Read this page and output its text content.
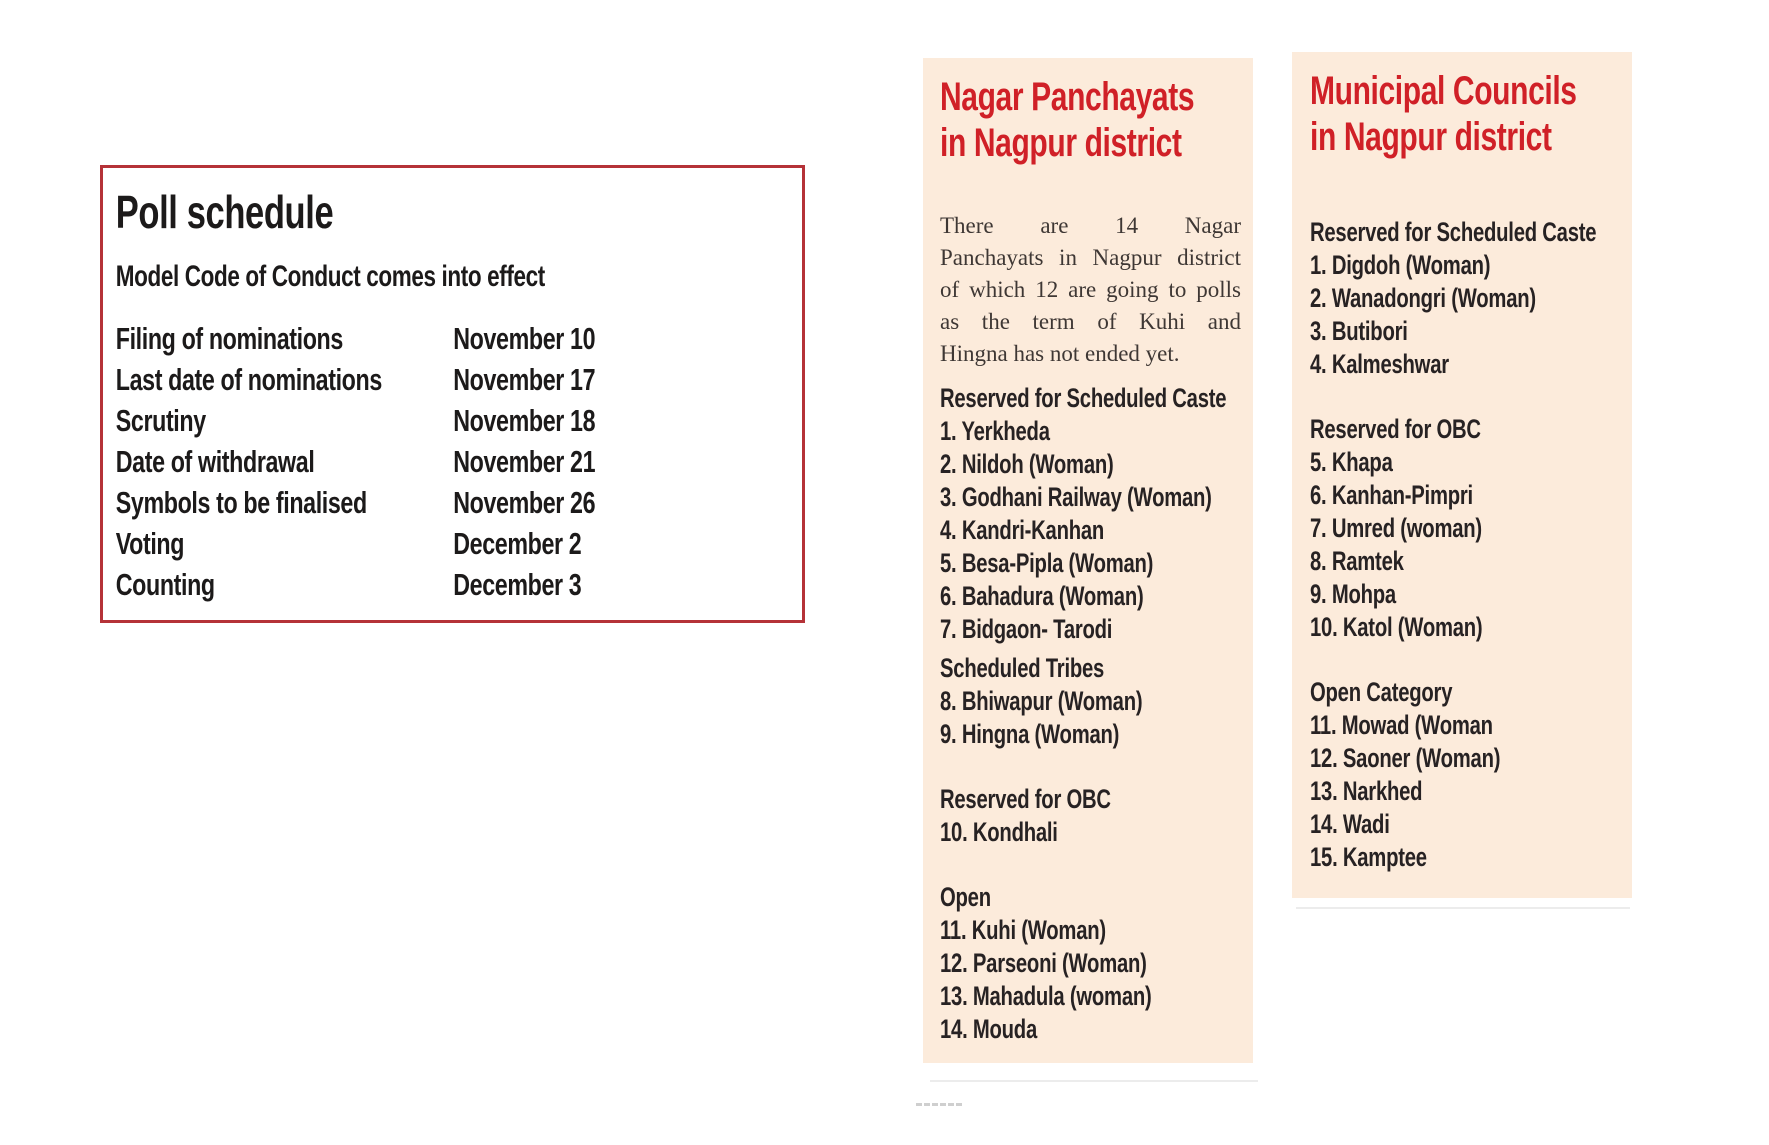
Poll schedule
Model Code of Conduct comes into effect
Filing of nominations	November 10
Last date of nominations	November 17
Scrutiny	November 18
Date of withdrawal	November 21
Symbols to be finalised	November 26
Voting	December 2
Counting	December 3
Nagar Panchayats
in Nagpur district
There are 14 Nagar
Panchayats in Nagpur district
of which 12 are going to polls
as the term of Kuhi and
Hingna has not ended yet.
Reserved for Scheduled Caste
1. Yerkheda
2. Nildoh (Woman)
3. Godhani Railway (Woman)
4. Kandri-Kanhan
5. Besa-Pipla (Woman)
6. Bahadura (Woman)
7. Bidgaon- Tarodi
Scheduled Tribes
8. Bhiwapur (Woman)
9. Hingna (Woman)
Reserved for OBC
10. Kondhali
Open
11. Kuhi (Woman)
12. Parseoni (Woman)
13. Mahadula (woman)
14. Mouda
Municipal Councils
in Nagpur district
Reserved for Scheduled Caste
1. Digdoh (Woman)
2. Wanadongri (Woman)
3. Butibori
4. Kalmeshwar
Reserved for OBC
5. Khapa
6. Kanhan-Pimpri
7. Umred (woman)
8. Ramtek
9. Mohpa
10. Katol (Woman)
Open Category
11. Mowad (Woman
12. Saoner (Woman)
13. Narkhed
14. Wadi
15. Kamptee
